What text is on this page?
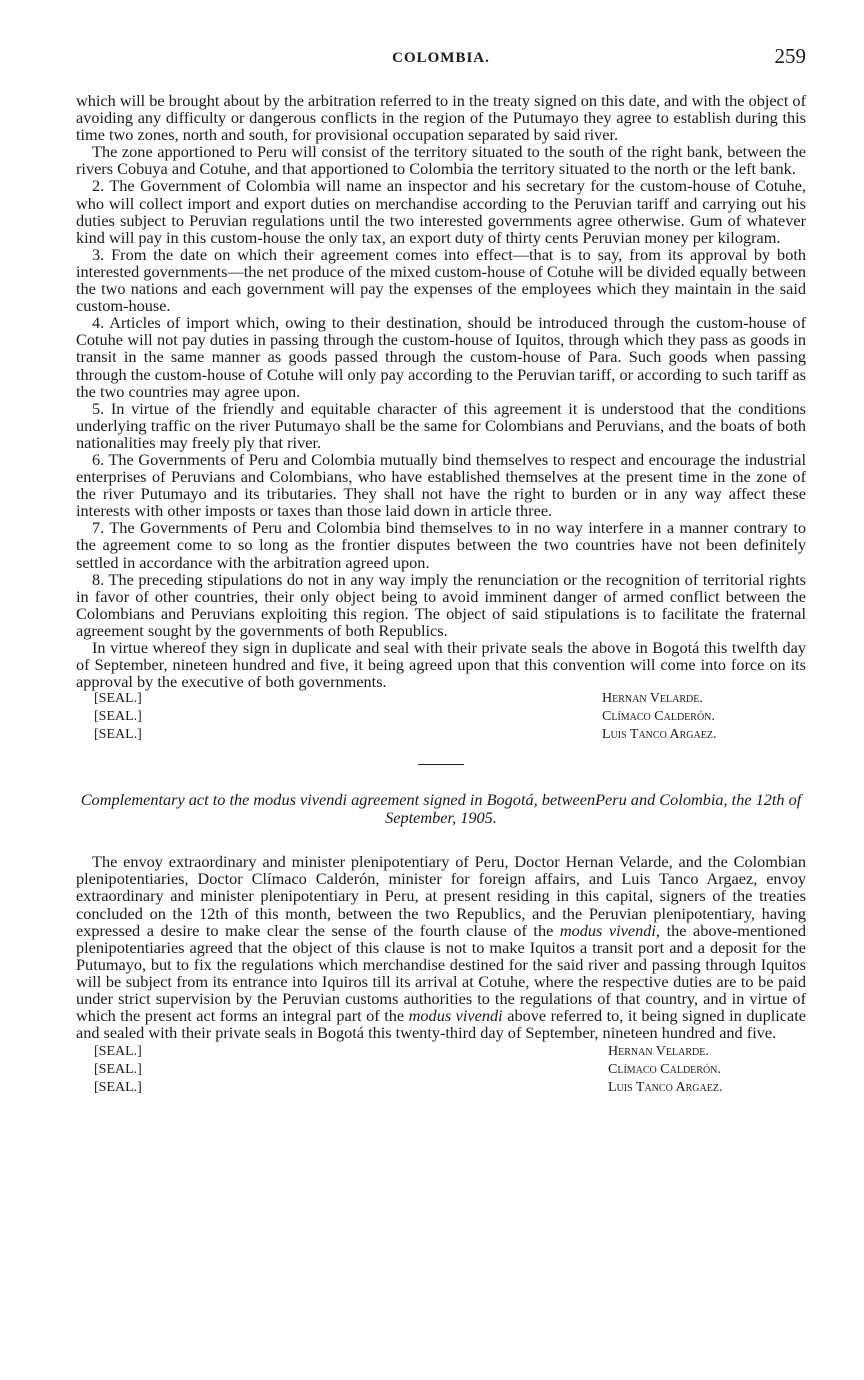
COLOMBIA.	259

which will be brought about by the arbitration referred to in the treaty signed on this date, and with the object of avoiding any difficulty or dangerous conflicts in the region of the Putumayo they agree to establish during this time two zones, north and south, for provisional occupation separated by said river.

The zone apportioned to Peru will consist of the territory situated to the south of the right bank, between the rivers Cobuya and Cotuhe, and that apportioned to Colombia the territory situated to the north or the left bank.

2. The Government of Colombia will name an inspector and his secretary for the custom-house of Cotuhe, who will collect import and export duties on merchandise according to the Peruvian tariff and carrying out his duties subject to Peruvian regulations until the two interested governments agree otherwise. Gum of whatever kind will pay in this custom-house the only tax, an export duty of thirty cents Peruvian money per kilogram.

3. From the date on which their agreement comes into effect—that is to say, from its approval by both interested governments—the net produce of the mixed custom-house of Cotuhe will be divided equally between the two nations and each government will pay the expenses of the employees which they maintain in the said custom-house.

4. Articles of import which, owing to their destination, should be introduced through the custom-house of Cotuhe will not pay duties in passing through the custom-house of Iquitos, through which they pass as goods in transit in the same manner as goods passed through the custom-house of Para. Such goods when passing through the custom-house of Cotuhe will only pay according to the Peruvian tariff, or according to such tariff as the two countries may agree upon.

5. In virtue of the friendly and equitable character of this agreement it is understood that the conditions underlying traffic on the river Putumayo shall be the same for Colombians and Peruvians, and the boats of both nationalities may freely ply that river.

6. The Governments of Peru and Colombia mutually bind themselves to respect and encourage the industrial enterprises of Peruvians and Colombians, who have established themselves at the present time in the zone of the river Putumayo and its tributaries. They shall not have the right to burden or in any way affect these interests with other imposts or taxes than those laid down in article three.

7. The Governments of Peru and Colombia bind themselves to in no way interfere in a manner contrary to the agreement come to so long as the frontier disputes between the two countries have not been definitely settled in accordance with the arbitration agreed upon.

8. The preceding stipulations do not in any way imply the renunciation or the recognition of territorial rights in favor of other countries, their only object being to avoid imminent danger of armed conflict between the Colombians and Peruvians exploiting this region. The object of said stipulations is to facilitate the fraternal agreement sought by the governments of both Republics.

In virtue whereof they sign in duplicate and seal with their private seals the above in Bogotá this twelfth day of September, nineteen hundred and five, it being agreed upon that this convention will come into force on its approval by the executive of both governments.

[SEAL.]
[SEAL.]
[SEAL.]
Hernan Velarde.
Clímaco Calderón.
Luis Tanco Argaez.
Complementary act to the modus vivendi agreement signed in Bogotá, betweenPeru and Colombia, the 12th of September, 1905.

The envoy extraordinary and minister plenipotentiary of Peru, Doctor Hernan Velarde, and the Colombian plenipotentiaries, Doctor Clímaco Calderón, minister for foreign affairs, and Luis Tanco Argaez, envoy extraordinary and minister plenipotentiary in Peru, at present residing in this capital, signers of the treaties concluded on the 12th of this month, between the two Republics, and the Peruvian plenipotentiary, having expressed a desire to make clear the sense of the fourth clause of the modus vivendi, the above-mentioned plenipotentiaries agreed that the object of this clause is not to make Iquitos a transit port and a deposit for the Putumayo, but to fix the regulations which merchandise destined for the said river and passing through Iquitos will be subject from its entrance into Iquiros till its arrival at Cotuhe, where the respective duties are to be paid under strict supervision by the Peruvian customs authorities to the regulations of that country, and in virtue of which the present act forms an integral part of the modus vivendi above referred to, it being signed in duplicate and sealed with their private seals in Bogotá this twenty-third day of September, nineteen hundred and five.

[SEAL.]
[SEAL.]
[SEAL.]
Hernan Velarde.
Clímaco Calderón.
Luis Tanco Argaez.
